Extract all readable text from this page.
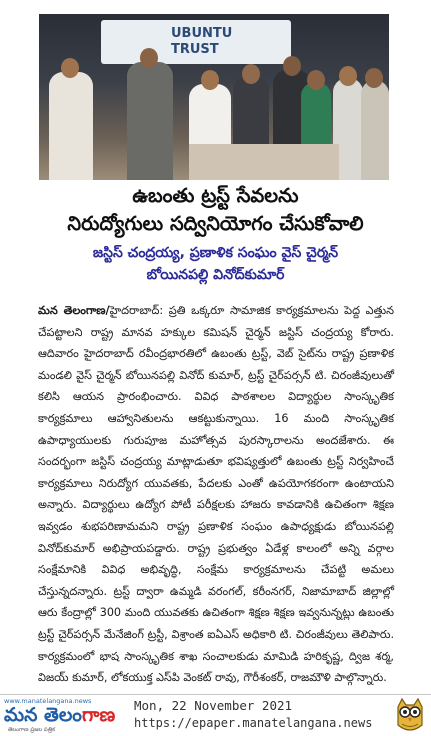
UBUNTU
TRUST
ఉబంతు ట్రస్ట్ సేవలను
నిరుద్యోగులు సద్వినియోగం చేసుకోవాలి
జస్టిస్ చంద్రయ్య, ప్రణాళిక సంఘం వైస్ చైర్మన్
బోయినపల్లి వినోద్‌కుమార్
మన తెలంగాణ/హైదరాబాద్: ప్రతి ఒక్కరూ సామాజిక కార్యక్రమాలను పెద్ద ఎత్తున చేపట్టాలని రాష్ట్ర మానవ హక్కుల కమిషన్ చైర్మన్ జస్టిస్ చంద్రయ్య కోరారు. ఆదివారం హైదరాబాద్ రవీంద్రభారతిలో ఉబంతు ట్రస్ట్, వెబ్ సైట్‌ను రాష్ట్ర ప్రణాళిక మండలి వైస్ చైర్మన్ బోయినపల్లి వినోద్ కుమార్, ట్రస్ట్ చైర్‌పర్సన్ టి. చిరంజీవులుతో కలిసి ఆయన ప్రారంభించారు. వివిధ పాఠశాలల విద్యార్థుల సాంస్కృతిక కార్యక్రమాలు ఆహ్వానితులను ఆకట్టుకున్నాయి. 16 మంది సాంస్కృతిక ఉపాధ్యాయులకు గురుపూజ మహోత్సవ పురస్కారాలను అందజేశారు. ఈ సందర్భంగా జస్టిస్ చంద్రయ్య మాట్లాడుతూ భవిష్యత్తులో ఉబంతు ట్రస్ట్ నిర్వహించే కార్యక్రమాలు నిరుద్యోగ యువతకు, పేదలకు ఎంతో ఉపయోగకరంగా ఉంటాయని అన్నారు. విద్యార్థులు ఉద్యోగ పోటీ పరీక్షలకు హాజరు కావడానికి ఉచితంగా శిక్షణ ఇవ్వడం శుభపరిణామమని రాష్ట్ర ప్రణాళిక సంఘం ఉపాధ్యక్షుడు బోయినపల్లి వినోద్‌కుమార్ అభిప్రాయపడ్డారు. రాష్ట్ర ప్రభుత్వం ఏడేళ్ల కాలంలో అన్ని వర్గాల సంక్షేమానికి వివిధ అభివృద్ధి, సంక్షేమ కార్యక్రమాలను చేపట్టి అమలు చేస్తున్నదన్నారు. ట్రస్ట్ ద్వారా ఉమ్మడి వరంగల్, కరీంనగర్, నిజామాబాద్ జిల్లాల్లో ఆరు కేంద్రాల్లో 300 మంది యువతకు ఉచితంగా శిక్షణ శిక్షణ ఇవ్వనున్నట్లు ఉబంతు ట్రస్ట్ చైర్‌పర్సన్ మేనేజింగ్ ట్రస్టీ, విశ్రాంత ఐఏఎస్ అధికారి టి. చిరంజీవులు తెలిపారు. కార్యక్రమంలో భాష సాంస్కృతిక శాఖ సంచాలకుడు మామిడి హరికృష్ణ, ద్విజ శర్మ, విజయ్ కుమార్, లోకయుక్త ఎస్‌పి వెంకట్ రావు, గౌరీశంకర్, రాజమౌళి పాల్గొన్నారు.
www.manatelangana.news
మన తెలంగాణ
తెలంగాణ ప్రజల పత్రిక
Mon, 22 November 2021
https://epaper.manatelangana.news
